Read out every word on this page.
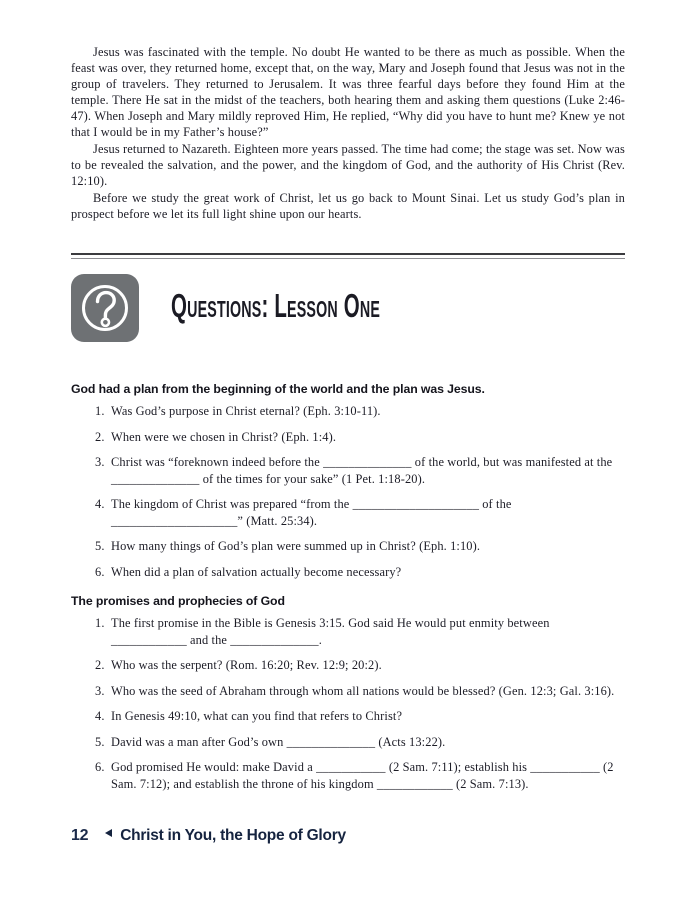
Jesus was fascinated with the temple. No doubt He wanted to be there as much as possible. When the feast was over, they returned home, except that, on the way, Mary and Joseph found that Jesus was not in the group of travelers. They returned to Jerusalem. It was three fearful days before they found Him at the temple. There He sat in the midst of the teachers, both hearing them and asking them questions (Luke 2:46-47). When Joseph and Mary mildly reproved Him, He replied, “Why did you have to hunt me? Knew ye not that I would be in my Father’s house?”

Jesus returned to Nazareth. Eighteen more years passed. The time had come; the stage was set. Now was to be revealed the salvation, and the power, and the kingdom of God, and the authority of His Christ (Rev. 12:10).

Before we study the great work of Christ, let us go back to Mount Sinai. Let us study God’s plan in prospect before we let its full light shine upon our hearts.

Questions: Lesson One
God had a plan from the beginning of the world and the plan was Jesus.
1. Was God’s purpose in Christ eternal? (Eph. 3:10-11).
2. When were we chosen in Christ? (Eph. 1:4).
3. Christ was “foreknown indeed before the ______________ of the world, but was manifested at the ______________ of the times for your sake” (1 Pet. 1:18-20).
4. The kingdom of Christ was prepared “from the ____________________ of the ____________________” (Matt. 25:34).
5. How many things of God’s plan were summed up in Christ? (Eph. 1:10).
6. When did a plan of salvation actually become necessary?
The promises and prophecies of God
1. The first promise in the Bible is Genesis 3:15. God said He would put enmity between ____________ and the ______________.
2. Who was the serpent? (Rom. 16:20; Rev. 12:9; 20:2).
3. Who was the seed of Abraham through whom all nations would be blessed? (Gen. 12:3; Gal. 3:16).
4. In Genesis 49:10, what can you find that refers to Christ?
5. David was a man after God’s own ______________ (Acts 13:22).
6. God promised He would: make David a ___________ (2 Sam. 7:11); establish his ___________ (2 Sam. 7:12); and establish the throne of his kingdom ____________ (2 Sam. 7:13).
12 Christ in You, the Hope of Glory
